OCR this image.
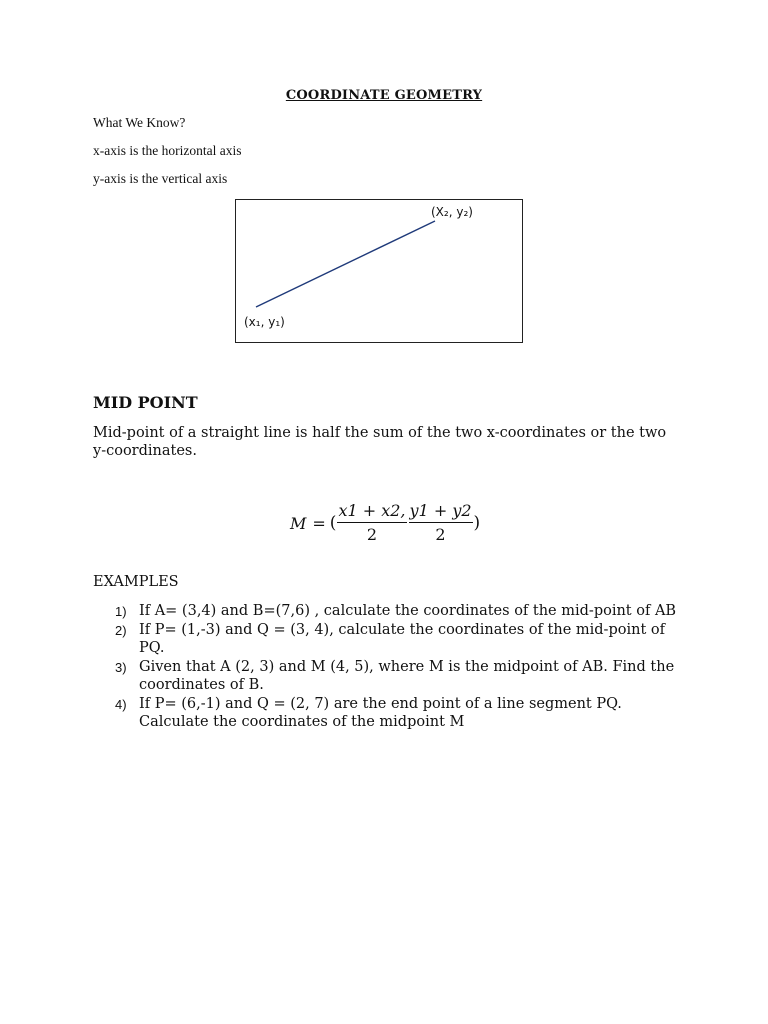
COORDINATE GEOMETRY
What We Know?
x-axis is the horizontal axis
y-axis is the vertical axis
(X₂, y₂)
(x₁, y₁)
MID POINT
Mid-point of a straight line is half the sum of the two x-coordinates or the two y-coordinates.
M = ( $\frac{x1 + x2,}{2} \frac{y1 + y2}{2}$ )
EXAMPLES
1) If A= (3,4) and B=(7,6) , calculate the coordinates of the mid-point of AB
2) If P= (1,-3) and Q = (3, 4), calculate the coordinates of the mid-point of PQ.
3) Given that A (2, 3) and M (4, 5), where M is the midpoint of AB. Find the coordinates of B.
4) If P= (6,-1) and Q = (2, 7) are the end point of a line segment PQ. Calculate the coordinates of the midpoint M
